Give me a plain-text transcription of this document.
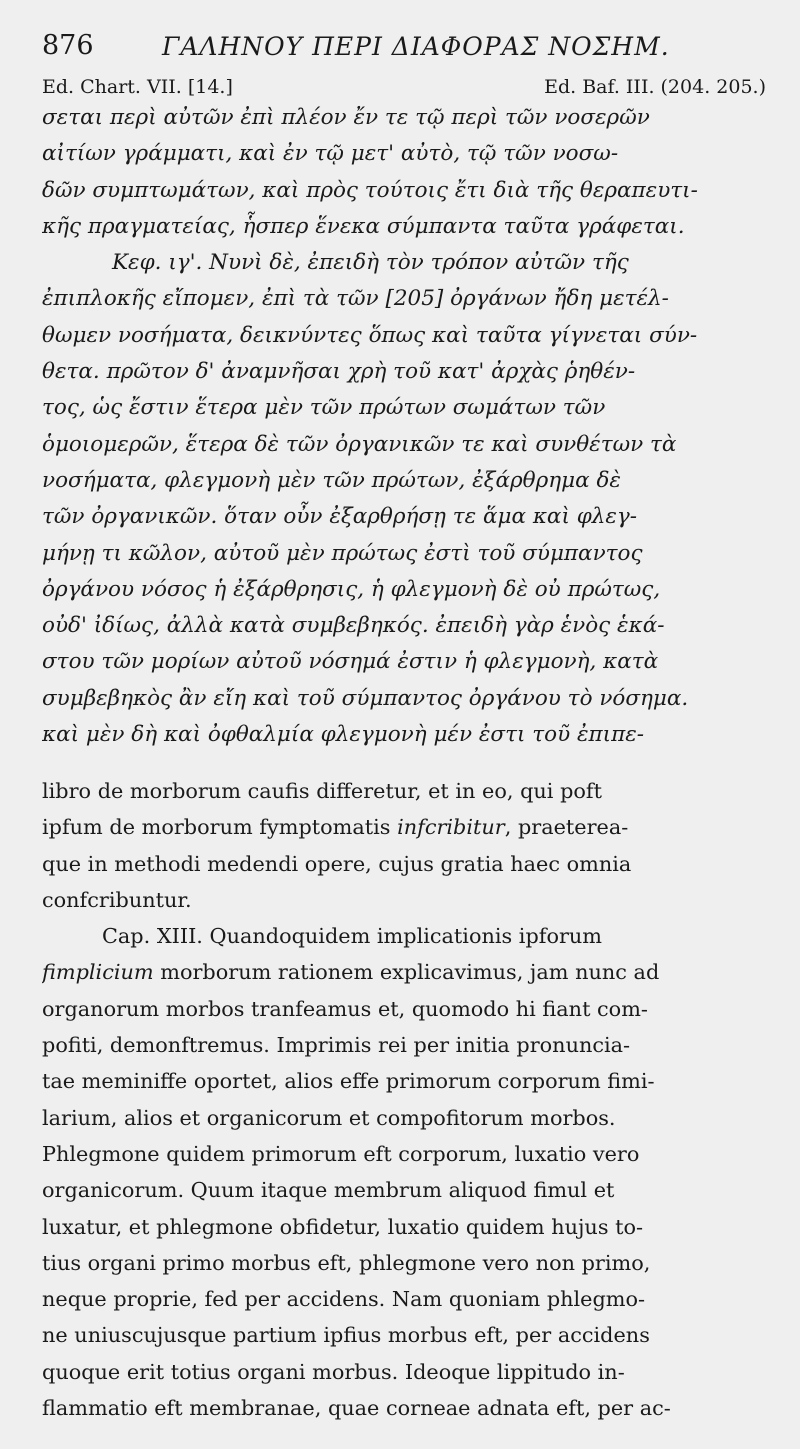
876	ΓΑΛΗΝΟΥ ΠΕΡΙ ΔΙΑΦΟΡΑΣ ΝΟΣΗΜ.
Ed. Chart. VII. [14.]	Ed. Baf. III. (204. 205.)
σεται περὶ αὐτῶν ἐπὶ πλέον ἔν τε τῷ περὶ τῶν νοσερῶν
αἰτίων γράμματι, καὶ ἐν τῷ μετ' αὐτὸ, τῷ τῶν νοσω-
δῶν συμπτωμάτων, καὶ πρὸς τούτοις ἔτι διὰ τῆς θεραπευτι-
κῆς πραγματείας, ἧσπερ ἕνεκα σύμπαντα ταῦτα γράφεται.
Κεφ. ιγ'. Νυνὶ δὲ, ἐπειδὴ τὸν τρόπον αὐτῶν τῆς
ἐπιπλοκῆς εἴπομεν, ἐπὶ τὰ τῶν [205] ὀργάνων ἤδη μετέλ-
θωμεν νοσήματα, δεικνύντες ὅπως καὶ ταῦτα γίγνεται σύν-
θετα. πρῶτον δ' ἀναμνῆσαι χρὴ τοῦ κατ' ἀρχὰς ῥηθέν-
τος, ὡς ἔστιν ἕτερα μὲν τῶν πρώτων σωμάτων τῶν
ὁμοιομερῶν, ἕτερα δὲ τῶν ὀργανικῶν τε καὶ συνθέτων τὰ
νοσήματα, φλεγμονὴ μὲν τῶν πρώτων, ἐξάρθρημα δὲ
τῶν ὀργανικῶν. ὅταν οὖν ἐξαρθρήσῃ τε ἅμα καὶ φλεγ-
μήνῃ τι κῶλον, αὐτοῦ μὲν πρώτως ἐστὶ τοῦ σύμπαντος
ὀργάνου νόσος ἡ ἐξάρθρησις, ἡ φλεγμονὴ δὲ οὐ πρώτως,
οὐδ' ἰδίως, ἀλλὰ κατὰ συμβεβηκός. ἐπειδὴ γὰρ ἑνὸς ἑκά-
στου τῶν μορίων αὐτοῦ νόσημά ἐστιν ἡ φλεγμονὴ, κατὰ
συμβεβηκὸς ἂν εἴη καὶ τοῦ σύμπαντος ὀργάνου τὸ νόσημα.
καὶ μὲν δὴ καὶ ὀφθαλμία φλεγμονὴ μέν ἐστι τοῦ ἐπιπε-
libro de morborum caufis differetur, et in eo, qui poft
ipfum de morborum fymptomatis infcribitur, praeterea-
que in methodi medendi opere, cujus gratia haec omnia
confcribuntur.
Cap. XIII. Quandoquidem implicationis ipforum
fimplicium morborum rationem explicavimus, jam nunc ad
organorum morbos tranfeamus et, quomodo hi fiant com-
pofiti, demonftremus. Imprimis rei per initia pronuncia-
tae meminiffe oportet, alios effe primorum corporum fimi-
larium, alios et organicorum et compofitorum morbos.
Phlegmone quidem primorum eft corporum, luxatio vero
organicorum. Quum itaque membrum aliquod fimul et
luxatur, et phlegmone obfidetur, luxatio quidem hujus to-
tius organi primo morbus eft, phlegmone vero non primo,
neque proprie, fed per accidens. Nam quoniam phlegmo-
ne uniuscujusque partium ipfius morbus eft, per accidens
quoque erit totius organi morbus. Ideoque lippitudo in-
flammatio eft membranae, quae corneae adnata eft, per ac-
